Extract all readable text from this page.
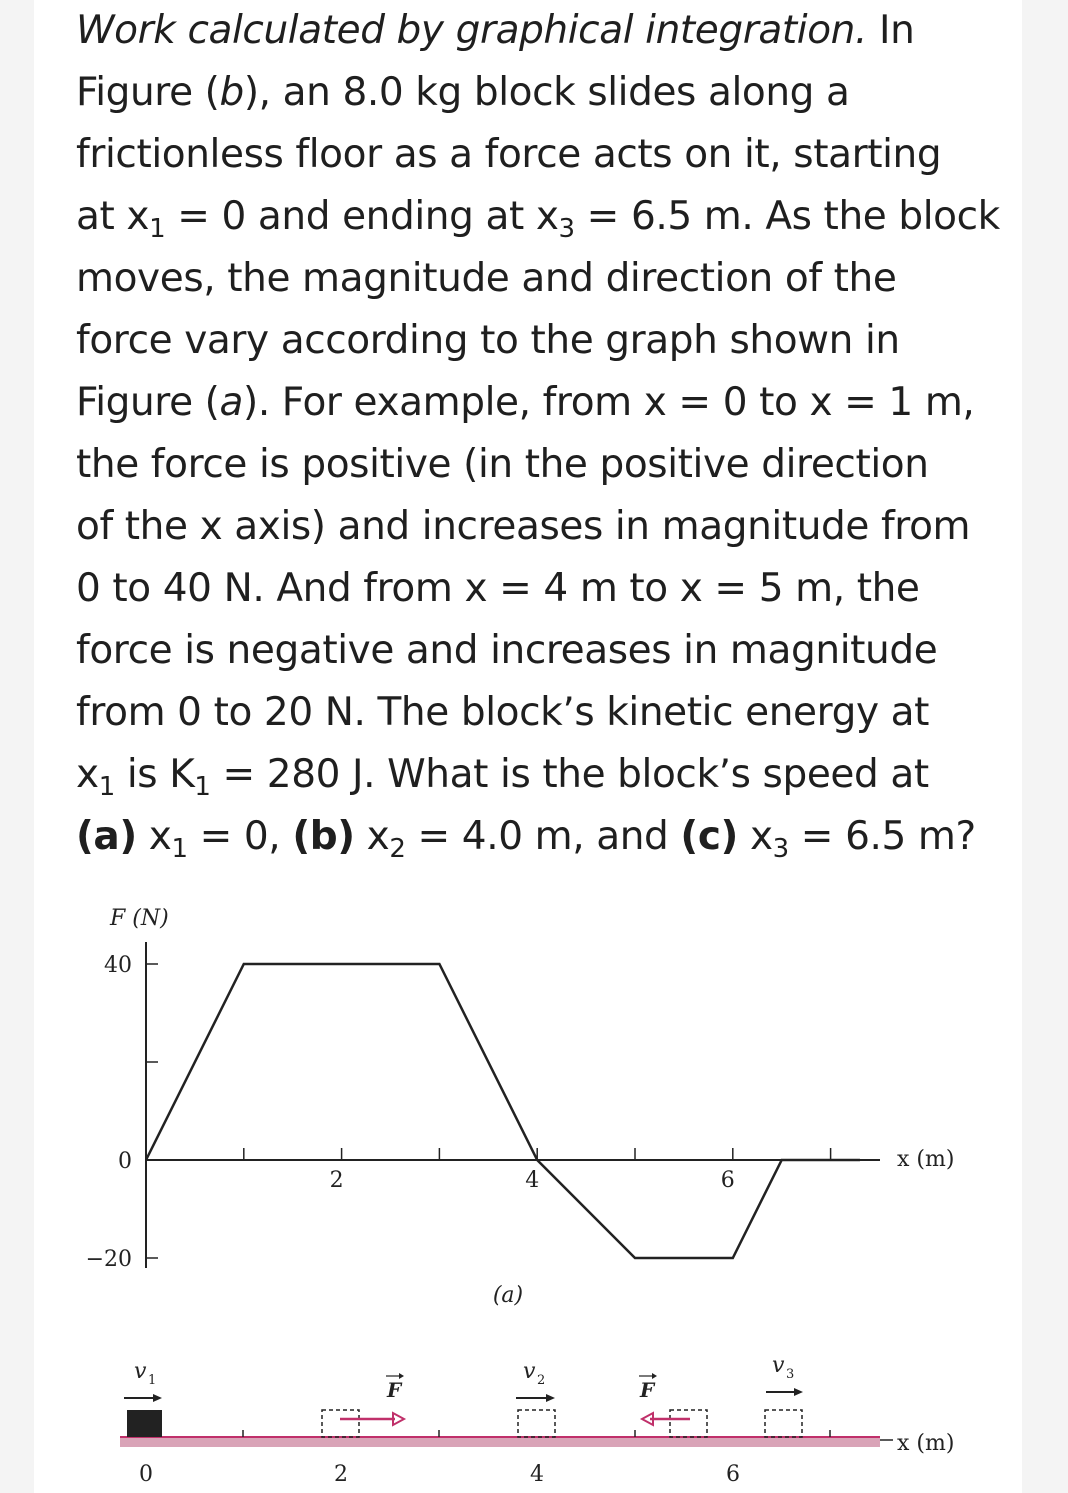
Work calculated by graphical integration. In

Figure (b), an 8.0 kg block slides along a

frictionless floor as a force acts on it, starting

at $x_1 = 0$ and ending at $x_3 = 6.5$ m. As the block

moves, the magnitude and direction of the

force vary according to the graph shown in

Figure (a). For example, from x = 0 to x = 1 m,

the force is positive (in the positive direction

of the x axis) and increases in magnitude from

0 to 40 N. And from x = 4 m to x = 5 m, the

force is negative and increases in magnitude

from 0 to 20 N. The block’s kinetic energy at

$x_1$ is $K_1 = 280$ J. What is the block’s speed at

(a) $x_1 = 0$, (b) $x_2 = 4.0$ m, and (c) $x_3 = 6.5$ m?

F (N)
x (m)
40
0
−20
2	4	6
(a)
x (m)
0	2	4	6
v 1	v 2
v 3
F	F
